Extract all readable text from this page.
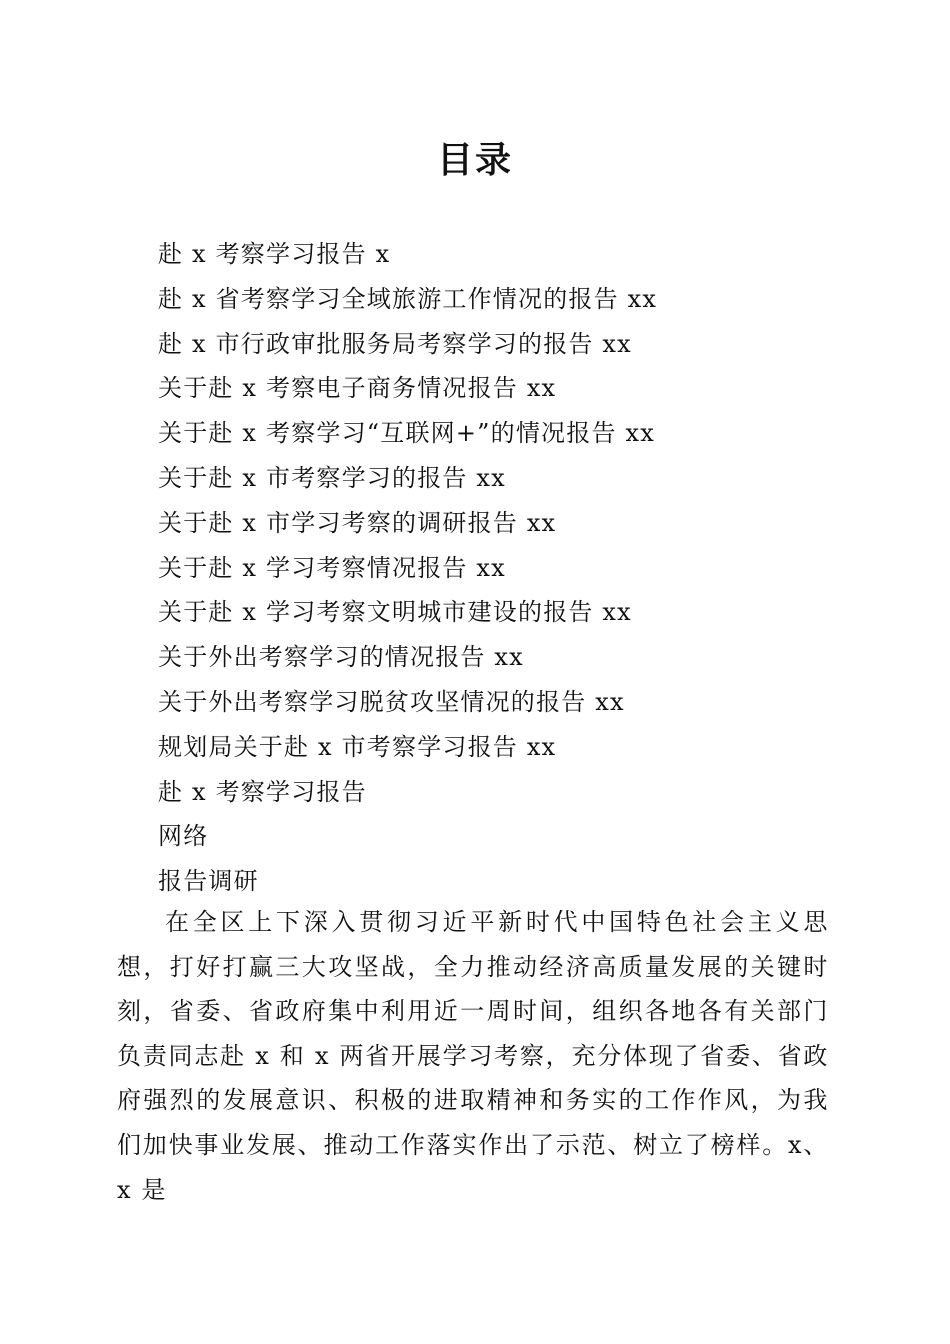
目录
赴 x 考察学习报告 x
赴 x 省考察学习全域旅游工作情况的报告 xx
赴 x 市行政审批服务局考察学习的报告 xx
关于赴 x 考察电子商务情况报告 xx
关于赴 x 考察学习“互联网+”的情况报告 xx
关于赴 x 市考察学习的报告 xx
关于赴 x 市学习考察的调研报告 xx
关于赴 x 学习考察情况报告 xx
关于赴 x 学习考察文明城市建设的报告 xx
关于外出考察学习的情况报告 xx
关于外出考察学习脱贫攻坚情况的报告 xx
规划局关于赴 x 市考察学习报告 xx
赴 x 考察学习报告
网络
报告调研

在全区上下深入贯彻习近平新时代中国特色社会主义思想，打好打赢三大攻坚战，全力推动经济高质量发展的关键时刻，省委、省政府集中利用近一周时间，组织各地各有关部门负责同志赴 x 和 x 两省开展学习考察，充分体现了省委、省政府强烈的发展意识、积极的进取精神和务实的工作作风，为我们加快事业发展、推动工作落实作出了示范、树立了榜样。x、x 是
